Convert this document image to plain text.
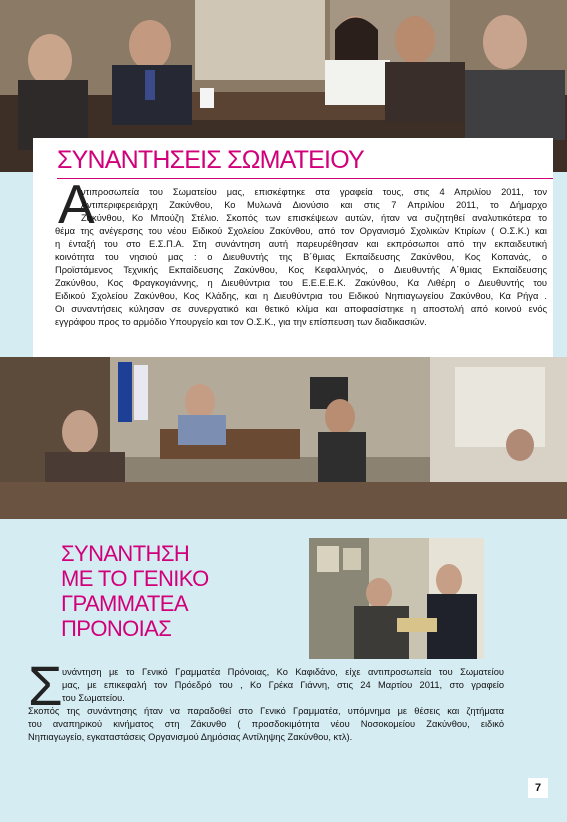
ΣΥΝΑΝΤΗΣΕΙΣ ΣΩΜΑΤΕΙΟΥ
Α
ντιπροσωπεία του Σωματείου μας, επισκέφτηκε στα γραφεία τους, στις 4 Απριλίου 2011, τον
Αντιπεριφερειάρχη Ζακύνθου, Κο Μυλωνά Διονύσιο και στις 7 Απριλίου 2011, το Δήμαρχο
Ζακύνθου, Κο Μπούζη Στέλιο. Σκοπός των επισκέψεων αυτών, ήταν να συζητηθεί αναλυτικότερα το
θέμα της ανέγερσης του νέου Ειδικού Σχολείου Ζακύνθου, από τον Οργανισμό Σχολικών Κτιρίων ( Ο.Σ.Κ.) και
η ένταξή του στο Ε.Σ.Π.Α. Στη συνάντηση αυτή παρευρέθησαν και εκπρόσωποι από την εκπαιδευτική
κοινότητα του νησιού μας : ο Διευθυντής της Β΄θμιας Εκπαίδευσης Ζακύνθου, Κος Κοπανάς, ο
Προϊστάμενος Τεχνικής Εκπαίδευσης Ζακύνθου, Κος Κεφαλληνός, ο Διευθυντής Α΄θμιας Εκπαίδευσης
Ζακύνθου, Κος Φραγκογιάννης, η Διευθύντρια του Ε.Ε.Ε.Ε.Κ. Ζακύνθου, Κα Λιθέρη ο Διευθυντής του
Ειδικού Σχολείου Ζακύνθου, Κος Κλάδης, και η Διευθύντρια του Ειδικού Νηπιαγωγείου Ζακύνθου, Κα Ρήγα .
Οι συναντήσεις κύλησαν σε συνεργατικό και θετικό κλίμα και αποφασίστηκε η αποστολή από κοινού ενός
εγγράφου προς το αρμόδιο Υπουργείο και τον Ο.Σ.Κ., για την επίσπευση των διαδικασιών.
ΣΥΝΑΝΤΗΣΗ
ΜΕ ΤΟ ΓΕΝΙΚΟ
ΓΡΑΜΜΑΤΕΑ
ΠΡΟΝΟΙΑΣ
Σ υνάντηση με το Γενικό Γραμματέα Πρόνοιας, Κο Καφιδάνο, είχε αντιπροσωπεία του Σωματείου
μας, με επικεφαλή τον Πρόεδρό του , Κο Γρέκα Γιάννη, στις 24 Μαρτίου 2011, στο γραφείο
του Σωματείου.
Σκοπός της συνάντησης ήταν να παραδοθεί στο Γενικό Γραμματέα, υπόμνημα με θέσεις και ζητήματα
του αναπηρικού κινήματος στη Ζάκυνθο ( προσδοκιμότητα νέου Νοσοκομείου Ζακύνθου, ειδικό
Νηπιαγωγείο, εγκαταστάσεις Οργανισμού Δημόσιας Αντίληψης Ζακύνθου, κτλ).
7
